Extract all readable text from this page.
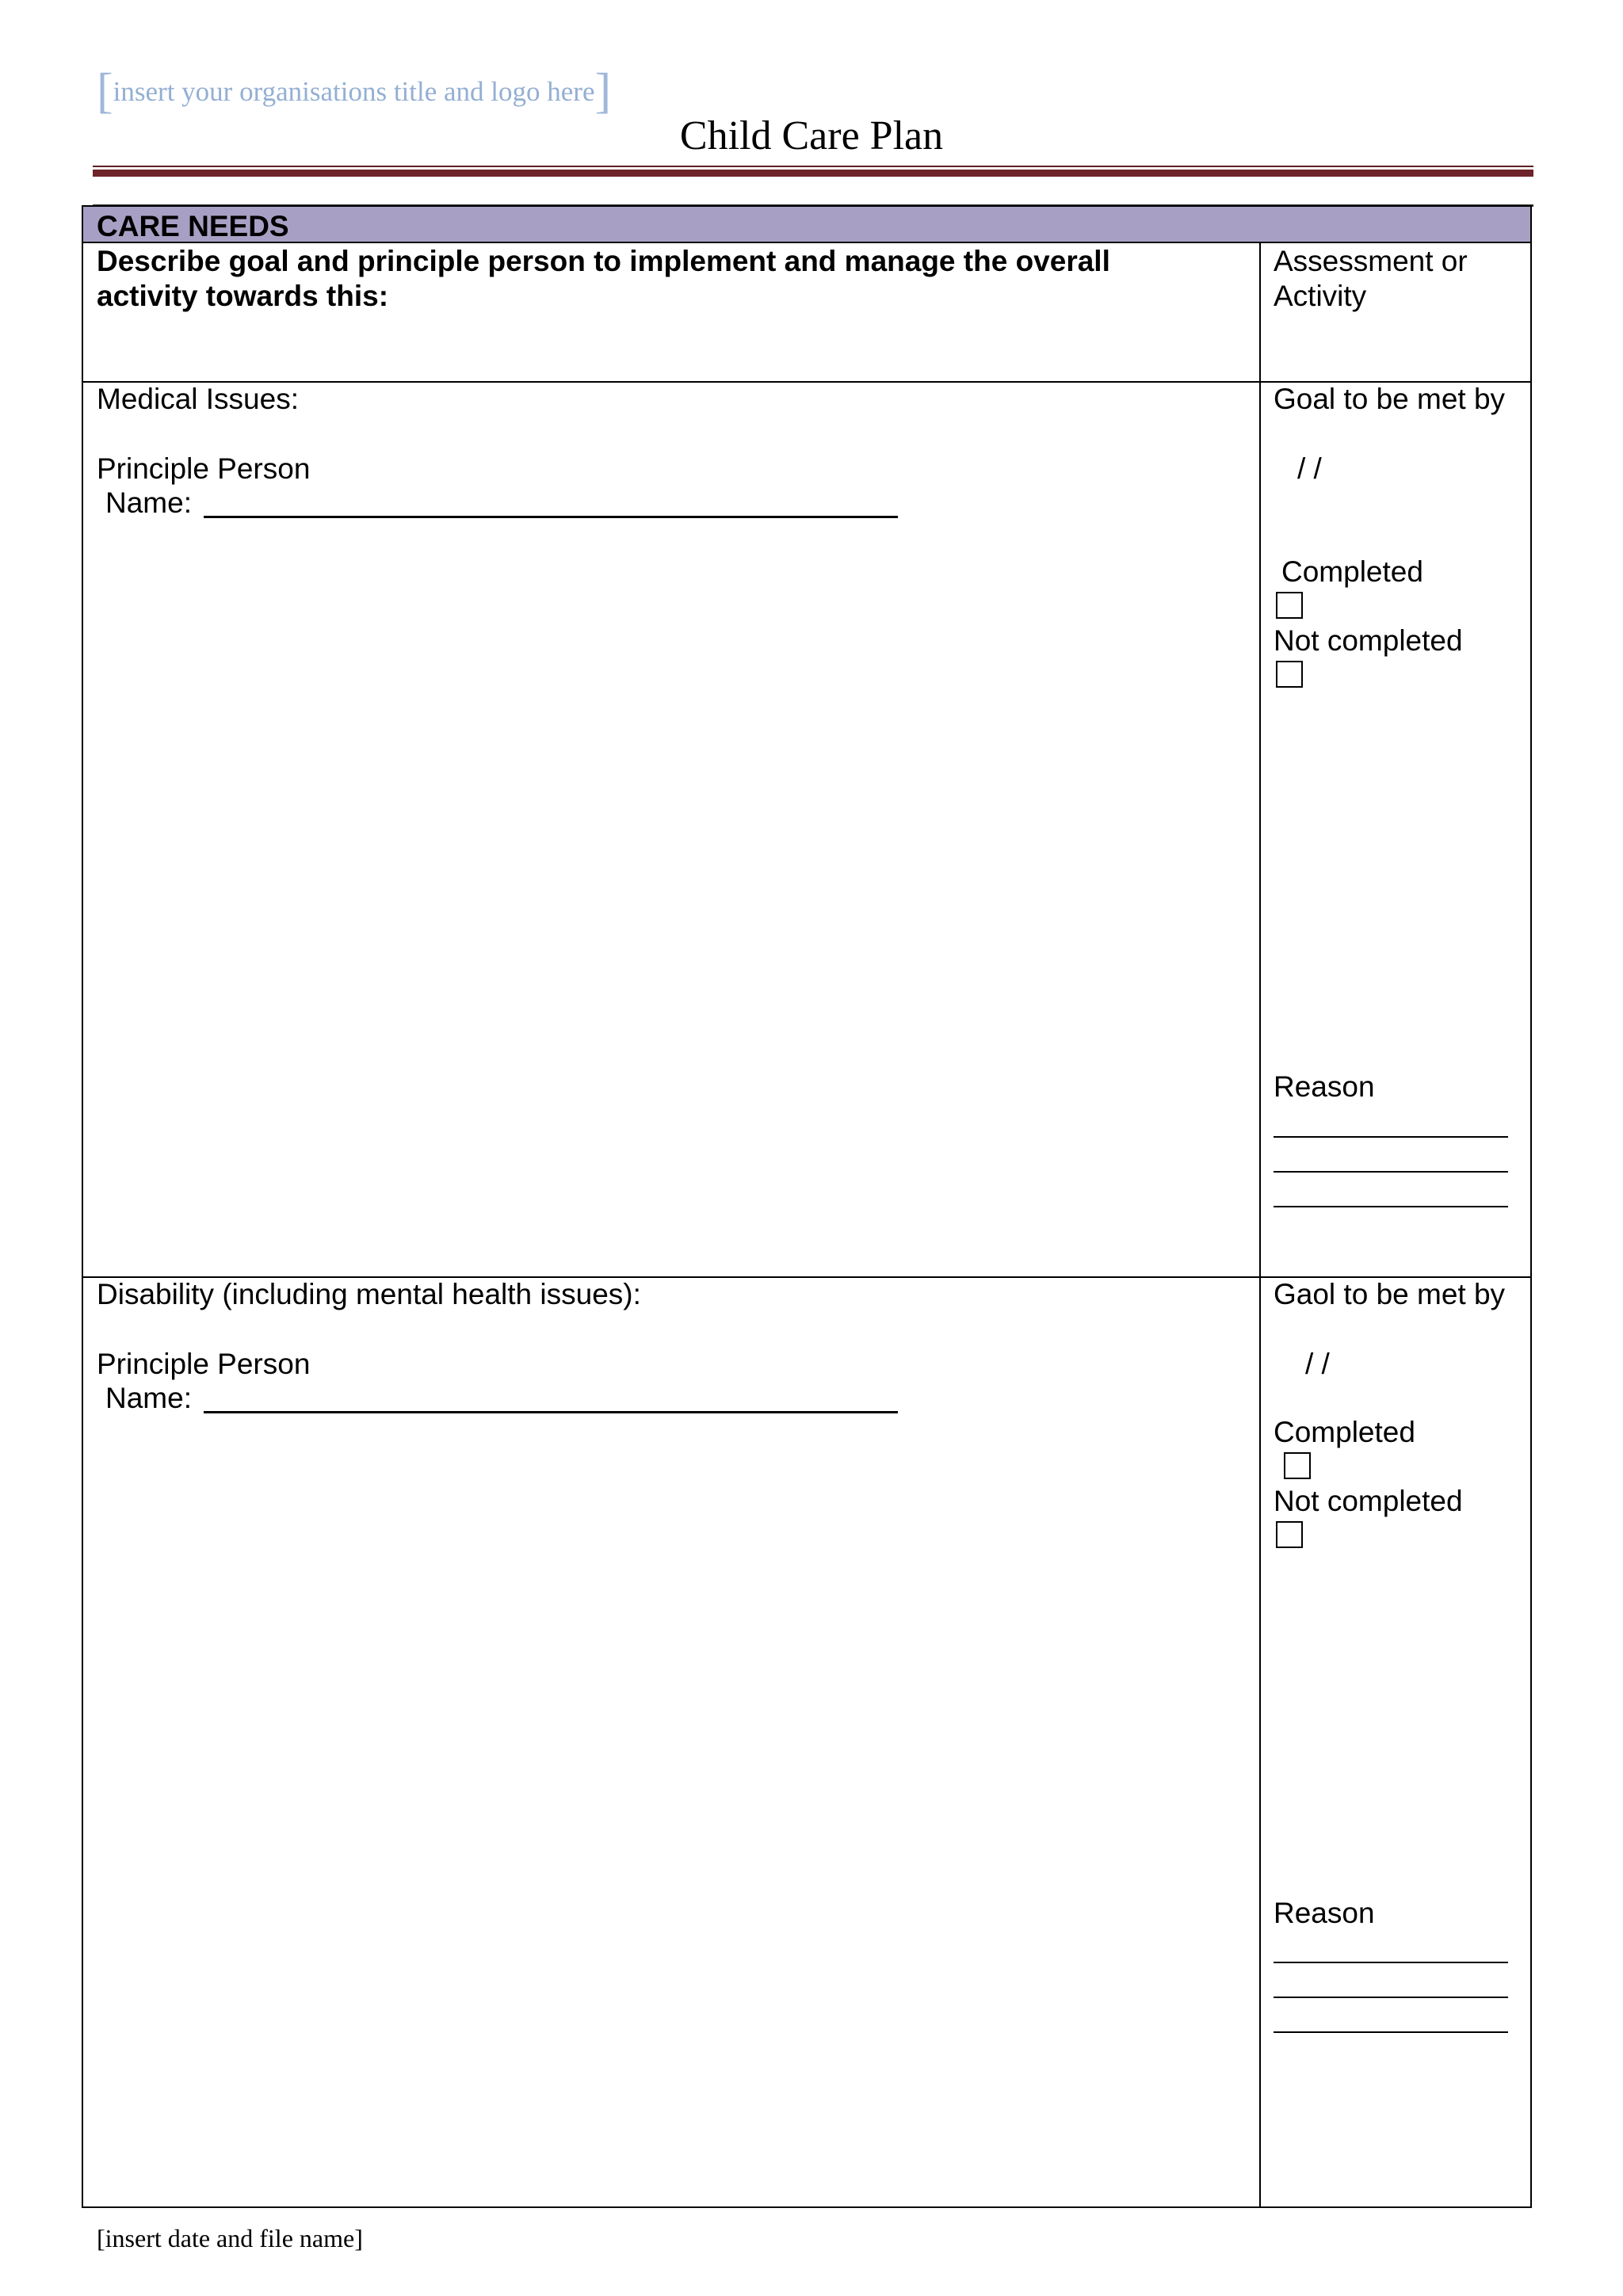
[insert your organisations title and logo here]
Child Care Plan
CARE NEEDS
Describe goal and principle person to implement and manage the overall
activity towards this:
Assessment or
Activity
Medical Issues:
Principle Person
Name:
Goal to be met by
/ /
Completed
Not completed
Reason
Disability (including mental health issues):
Principle Person
Name:
Gaol to be met by
/ /
Completed
Not completed
Reason
[insert date and file name]
